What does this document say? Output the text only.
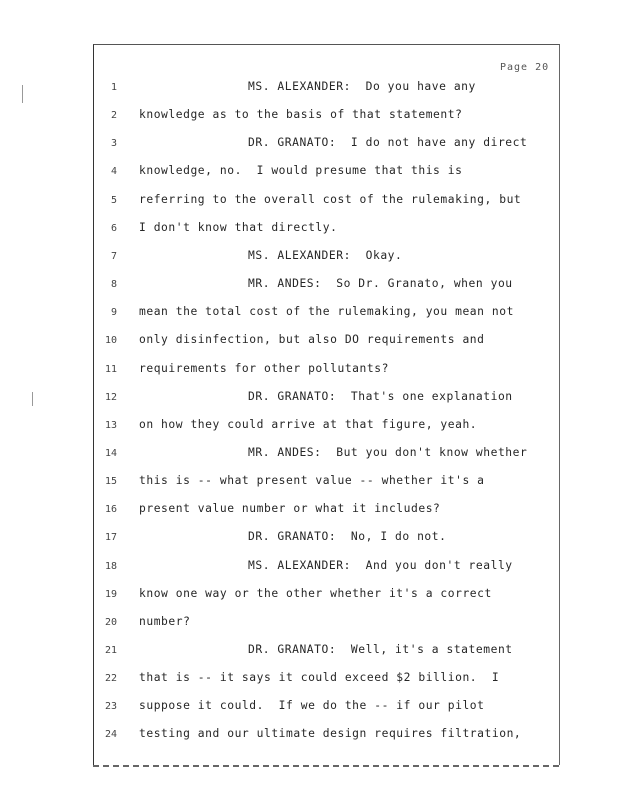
Page 20
1	MS. ALEXANDER:  Do you have any
2 knowledge as to the basis of that statement?
3	DR. GRANATO:  I do not have any direct
4 knowledge, no.  I would presume that this is
5 referring to the overall cost of the rulemaking, but
6 I don't know that directly.
7	MS. ALEXANDER:  Okay.
8	MR. ANDES:  So Dr. Granato, when you
9 mean the total cost of the rulemaking, you mean not
10 only disinfection, but also DO requirements and
11 requirements for other pollutants?
12	DR. GRANATO:  That's one explanation
13 on how they could arrive at that figure, yeah.
14	MR. ANDES:  But you don't know whether
15 this is -- what present value -- whether it's a
16 present value number or what it includes?
17	DR. GRANATO:  No, I do not.
18	MS. ALEXANDER:  And you don't really
19 know one way or the other whether it's a correct
20 number?
21	DR. GRANATO:  Well, it's a statement
22 that is -- it says it could exceed $2 billion.  I
23 suppose it could.  If we do the -- if our pilot
24 testing and our ultimate design requires filtration,
